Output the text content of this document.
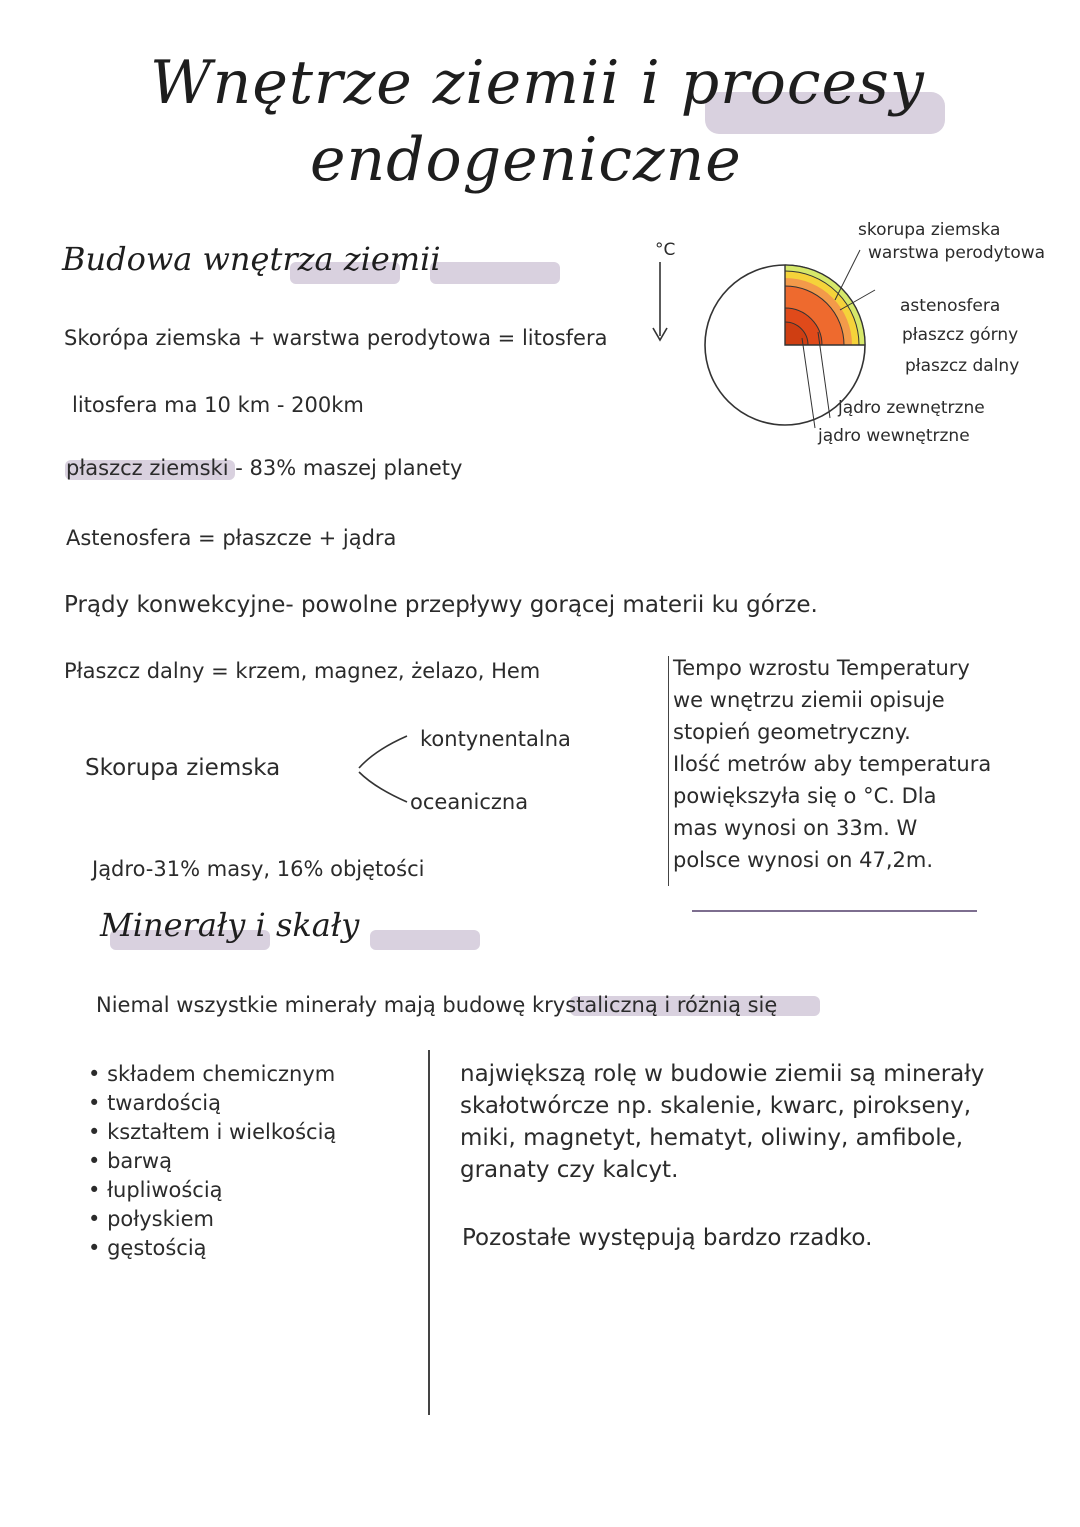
Wnętrze ziemii i procesy
endogeniczne
Budowa wnętrza ziemii
Skorópa ziemska + warstwa perodytowa = litosfera
litosfera ma 10 km - 200km
płaszcz ziemski - 83% maszej planety
Astenosfera = płaszcze + jądra
Prądy konwekcyjne- powolne przepływy gorącej materii ku górze.
Płaszcz dalny = krzem, magnez, żelazo, Hem
Skorupa ziemska
kontynentalna
oceaniczna
Jądro-31% masy, 16% objętości
°C
skorupa ziemska
warstwa perodytowa
astenosfera
płaszcz górny
płaszcz dalny
jądro zewnętrzne
jądro wewnętrzne
Tempo wzrostu Temperatury
we wnętrzu ziemii opisuje
stopień geometryczny.
Ilość metrów aby temperatura
powiększyła się o °C. Dla
mas wynosi on 33m. W
polsce wynosi on 47,2m.
Minerały i skały
Niemal wszystkie minerały mają budowę krystaliczną i różnią się
• składem chemicznym
• twardością
• kształtem i wielkością
• barwą
• łupliwością
• połyskiem
• gęstością
największą rolę w budowie ziemii są minerały skałotwórcze np. skalenie, kwarc, pirokseny, miki, magnetyt, hematyt, oliwiny, amfibole, granaty czy kalcyt.
Pozostałe występują bardzo rzadko.
